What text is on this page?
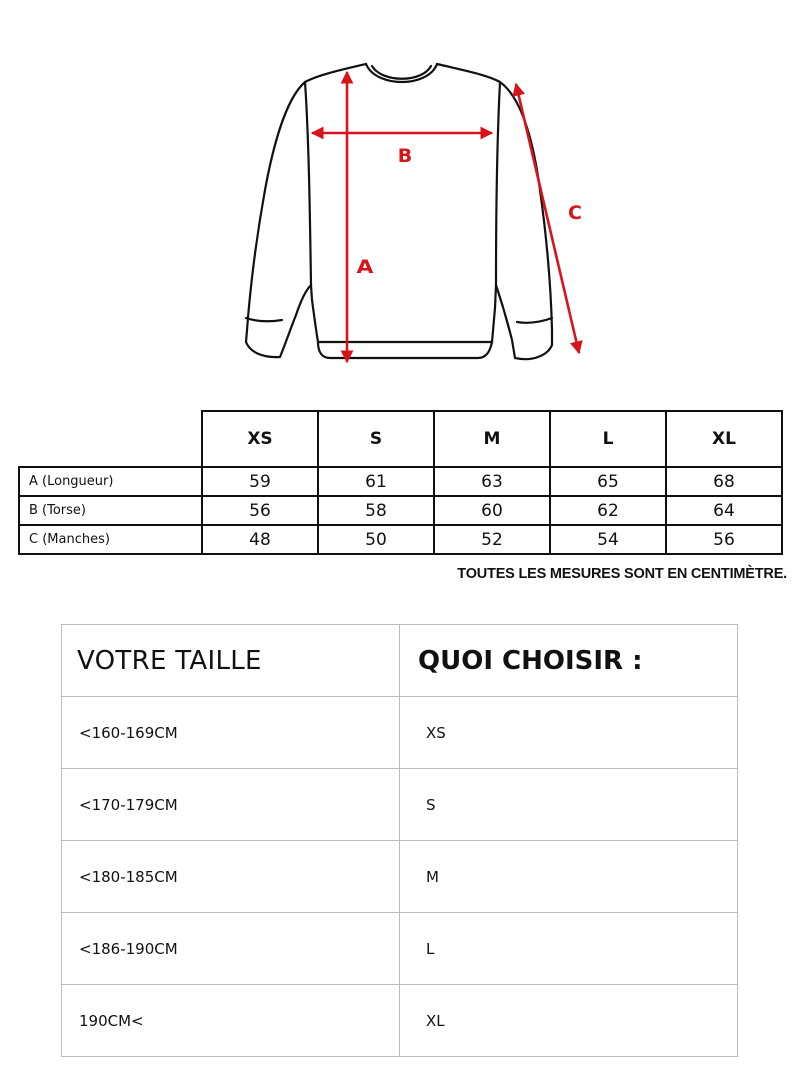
A
B
C
	XS	S	M	L	XL
A (Longueur)	59	61	63	65	68
B (Torse)	56	58	60	62	64
C (Manches)	48	50	52	54	56
TOUTES LES MESURES SONT EN CENTIMÈTRE.
VOTRE TAILLE	QUOI CHOISIR :
<160-169CM	XS
<170-179CM	S
<180-185CM	M
<186-190CM	L
190CM<	XL
